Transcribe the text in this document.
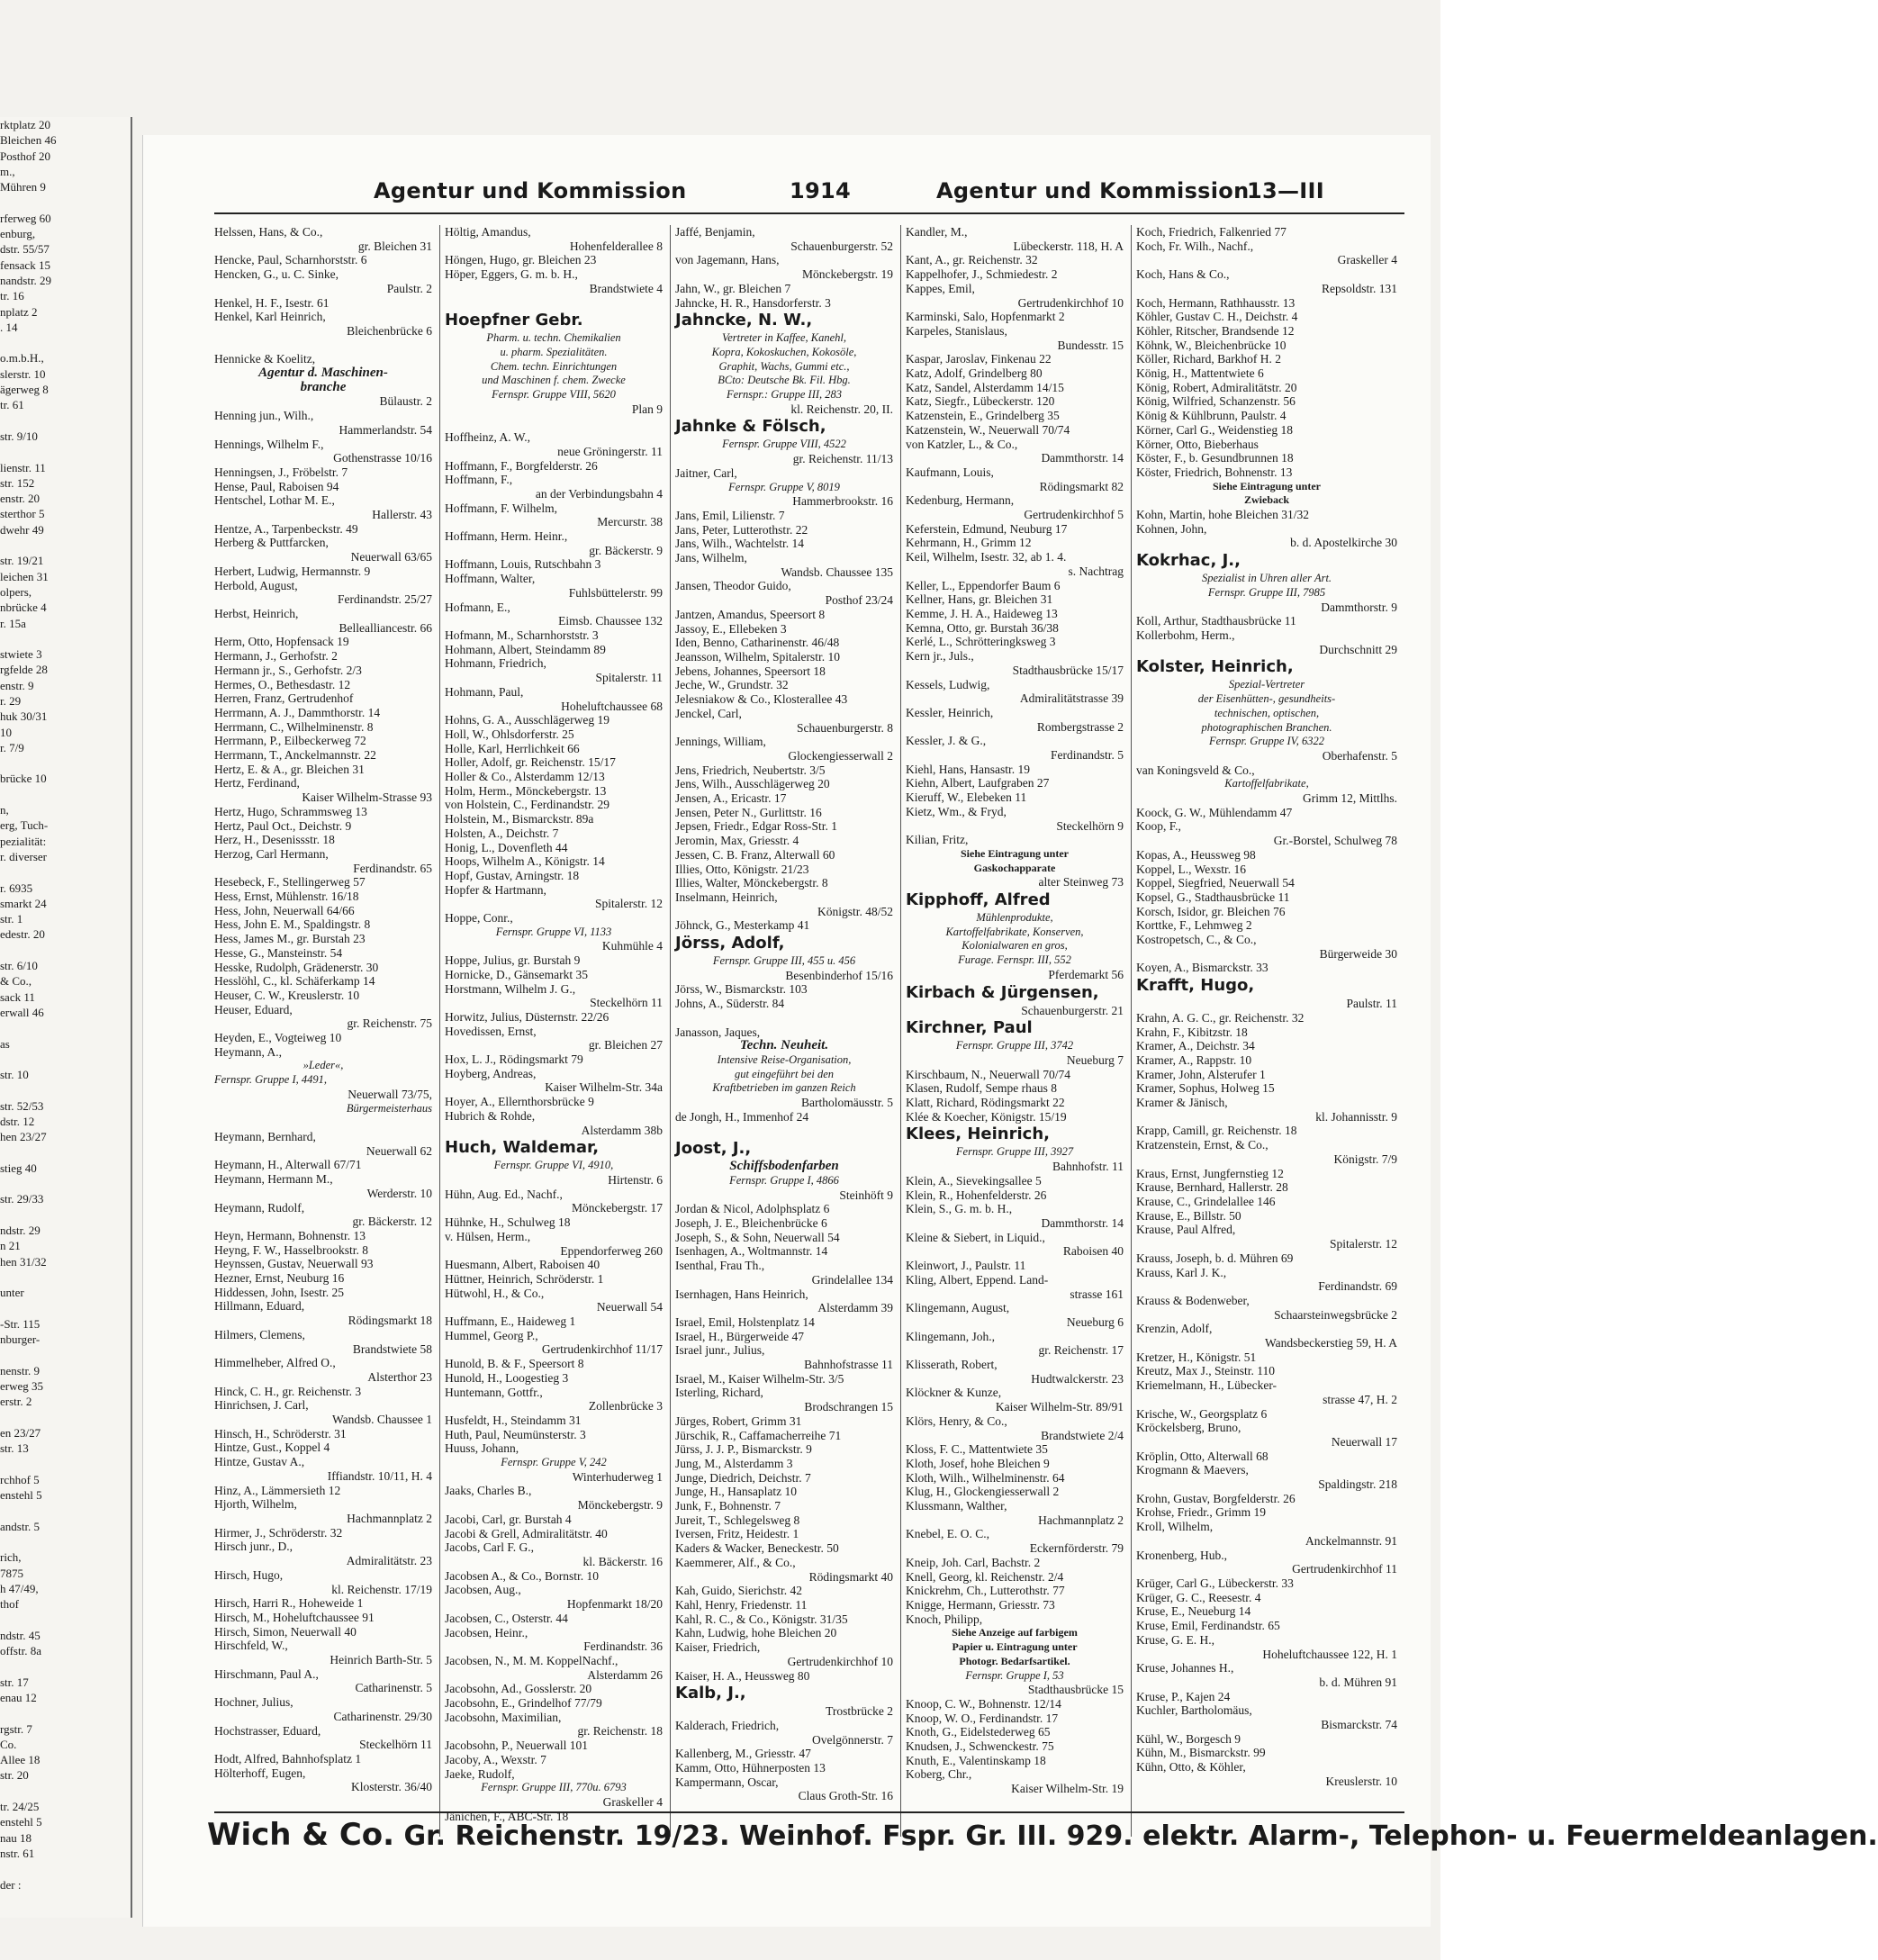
rktplatz 20
Bleichen 46
Posthof 20
m.,
Mühren 9

rferweg 60
enburg,
dstr. 55/57
fensack 15
nandstr. 29
tr. 16
nplatz 2
. 14

o.m.b.H.,
slerstr. 10
ägerweg 8
tr. 61

str. 9/10

lienstr. 11
str. 152
enstr. 20
sterthor 5
dwehr 49

str. 19/21
leichen 31
olpers,
nbrücke 4
r. 15a

stwiete 3
rgfelde 28
enstr. 9
r. 29
huk 30/31
10
r. 7/9

brücke 10

n,
erg, Tuch-
pezialität:
r. diverser

r. 6935
smarkt 24
str. 1
edestr. 20

str. 6/10
& Co.,
sack 11
erwall 46

as

str. 10

str. 52/53
dstr. 12
hen 23/27

stieg 40

str. 29/33

ndstr. 29
n 21
hen 31/32

unter

-Str. 115
nburger-

nenstr. 9
erweg 35
erstr. 2

en 23/27
str. 13

rchhof 5
enstehl 5

andstr. 5

rich,
7875
h 47/49,
thof

ndstr. 45
offstr. 8a

str. 17
enau 12

rgstr. 7
Co.
Allee 18
str. 20

tr. 24/25
enstehl 5
nau 18
nstr. 61

der :
Agentur und Kommission	1914	Agentur und Kommission
13—III
Helssen, Hans, & Co.,
gr. Bleichen 31
Hencke, Paul, Scharnhorststr. 6
Hencken, G., u. C. Sinke,
Paulstr. 2
Henkel, H. F., Isestr. 61
Henkel, Karl Heinrich,
Bleichenbrücke 6

Hennicke & Koelitz,
Agentur d. Maschinen-
branche
Bülaustr. 2
Henning jun., Wilh.,
Hammerlandstr. 54
Hennings, Wilhelm F.,
Gothenstrasse 10/16
Henningsen, J., Fröbelstr. 7
Hense, Paul, Raboisen 94
Hentschel, Lothar M. E.,
Hallerstr. 43
Hentze, A., Tarpenbeckstr. 49
Herberg & Puttfarcken,
Neuerwall 63/65
Herbert, Ludwig, Hermannstr. 9
Herbold, August,
Ferdinandstr. 25/27
Herbst, Heinrich,
Bellealliancestr. 66
Herm, Otto, Hopfensack 19
Hermann, J., Gerhofstr. 2
Hermann jr., S., Gerhofstr. 2/3
Hermes, O., Bethesdastr. 12
Herren, Franz, Gertrudenhof
Herrmann, A. J., Dammthorstr. 14
Herrmann, C., Wilhelminenstr. 8
Herrmann, P., Eilbeckerweg 72
Herrmann, T., Anckelmannstr. 22
Hertz, E. & A., gr. Bleichen 31
Hertz, Ferdinand,
Kaiser Wilhelm-Strasse 93
Hertz, Hugo, Schrammsweg 13
Hertz, Paul Oct., Deichstr. 9
Herz, H., Desenissstr. 18
Herzog, Carl Hermann,
Ferdinandstr. 65
Hesebeck, F., Stellingerweg 57
Hess, Ernst, Mühlenstr. 16/18
Hess, John, Neuerwall 64/66
Hess, John E. M., Spaldingstr. 8
Hess, James M., gr. Burstah 23
Hesse, G., Mansteinstr. 54
Hesske, Rudolph, Grädenerstr. 30
Hesslöhl, C., kl. Schäferkamp 14
Heuser, C. W., Kreuslerstr. 10
Heuser, Eduard,
gr. Reichenstr. 75
Heyden, E., Vogteiweg 10
Heymann, A.,
»Leder«,
Fernspr. Gruppe I, 4491,
Neuerwall 73/75,
Bürgermeisterhaus

Heymann, Bernhard,
Neuerwall 62
Heymann, H., Alterwall 67/71
Heymann, Hermann M.,
Werderstr. 10
Heymann, Rudolf,
gr. Bäckerstr. 12
Heyn, Hermann, Bohnenstr. 13
Heyng, F. W., Hasselbrookstr. 8
Heynssen, Gustav, Neuerwall 93
Hezner, Ernst, Neuburg 16
Hiddessen, John, Isestr. 25
Hillmann, Eduard,
Rödingsmarkt 18
Hilmers, Clemens,
Brandstwiete 58
Himmelheber, Alfred O.,
Alsterthor 23
Hinck, C. H., gr. Reichenstr. 3
Hinrichsen, J. Carl,
Wandsb. Chaussee 1
Hinsch, H., Schröderstr. 31
Hintze, Gust., Koppel 4
Hintze, Gustav A.,
Iffiandstr. 10/11, H. 4
Hinz, A., Lämmersieth 12
Hjorth, Wilhelm,
Hachmannplatz 2
Hirmer, J., Schröderstr. 32
Hirsch junr., D.,
Admiralitätstr. 23
Hirsch, Hugo,
kl. Reichenstr. 17/19
Hirsch, Harri R., Hoheweide 1
Hirsch, M., Hoheluftchaussee 91
Hirsch, Simon, Neuerwall 40
Hirschfeld, W.,
Heinrich Barth-Str. 5
Hirschmann, Paul A.,
Catharinenstr. 5
Hochner, Julius,
Catharinenstr. 29/30
Hochstrasser, Eduard,
Steckelhörn 11
Hodt, Alfred, Bahnhofsplatz 1
Hölterhoff, Eugen,
Klosterstr. 36/40
Höltig, Amandus,
Hohenfelderallee 8
Höngen, Hugo, gr. Bleichen 23
Höper, Eggers, G. m. b. H.,
Brandstwiete 4

Hoepfner Gebr.
Pharm. u. techn. Chemikalien
u. pharm. Spezialitäten.
Chem. techn. Einrichtungen
und Maschinen f. chem. Zwecke
Fernspr. Gruppe VIII, 5620
Plan 9

Hoffheinz, A. W.,
neue Gröningerstr. 11
Hoffmann, F., Borgfelderstr. 26
Hoffmann, F.,
an der Verbindungsbahn 4
Hoffmann, F. Wilhelm,
Mercurstr. 38
Hoffmann, Herm. Heinr.,
gr. Bäckerstr. 9
Hoffmann, Louis, Rutschbahn 3
Hoffmann, Walter,
Fuhlsbüttelerstr. 99
Hofmann, E.,
Eimsb. Chaussee 132
Hofmann, M., Scharnhorststr. 3
Hohmann, Albert, Steindamm 89
Hohmann, Friedrich,
Spitalerstr. 11
Hohmann, Paul,
Hoheluftchaussee 68
Hohns, G. A., Ausschlägerweg 19
Holl, W., Ohlsdorferstr. 25
Holle, Karl, Herrlichkeit 66
Holler, Adolf, gr. Reichenstr. 15/17
Holler & Co., Alsterdamm 12/13
Holm, Herm., Mönckebergstr. 13
von Holstein, C., Ferdinandstr. 29
Holstein, M., Bismarckstr. 89a
Holsten, A., Deichstr. 7
Honig, L., Dovenfleth 44
Hoops, Wilhelm A., Königstr. 14
Hopf, Gustav, Arningstr. 18
Hopfer & Hartmann,
Spitalerstr. 12
Hoppe, Conr.,
Fernspr. Gruppe VI, 1133
Kuhmühle 4
Hoppe, Julius, gr. Burstah 9
Hornicke, D., Gänsemarkt 35
Horstmann, Wilhelm J. G.,
Steckelhörn 11
Horwitz, Julius, Düsternstr. 22/26
Hovedissen, Ernst,
gr. Bleichen 27
Hox, L. J., Rödingsmarkt 79
Hoyberg, Andreas,
Kaiser Wilhelm-Str. 34a
Hoyer, A., Ellernthorsbrücke 9
Hubrich & Rohde,
Alsterdamm 38b
Huch, Waldemar,
Fernspr. Gruppe VI, 4910,
Hirtenstr. 6
Hühn, Aug. Ed., Nachf.,
Mönckebergstr. 17
Hühnke, H., Schulweg 18
v. Hülsen, Herm.,
Eppendorferweg 260
Huesmann, Albert, Raboisen 40
Hüttner, Heinrich, Schröderstr. 1
Hütwohl, H., & Co.,
Neuerwall 54
Huffmann, E., Haideweg 1
Hummel, Georg P.,
Gertrudenkirchhof 11/17
Hunold, B. & F., Speersort 8
Hunold, H., Loogestieg 3
Huntemann, Gottfr.,
Zollenbrücke 3
Husfeldt, H., Steindamm 31
Huth, Paul, Neumünsterstr. 3
Huuss, Johann,
Fernspr. Gruppe V, 242
Winterhuderweg 1
Jaaks, Charles B.,
Mönckebergstr. 9
Jacobi, Carl, gr. Burstah 4
Jacobi & Grell, Admiralitätstr. 40
Jacobs, Carl F. G.,
kl. Bäckerstr. 16
Jacobsen A., & Co., Bornstr. 10
Jacobsen, Aug.,
Hopfenmarkt 18/20
Jacobsen, C., Osterstr. 44
Jacobsen, Heinr.,
Ferdinandstr. 36
Jacobsen, N., M. M. KoppelNachf.,
Alsterdamm 26
Jacobsohn, Ad., Gosslerstr. 20
Jacobsohn, E., Grindelhof 77/79
Jacobsohn, Maximilian,
gr. Reichenstr. 18
Jacobsohn, P., Neuerwall 101
Jacoby, A., Wexstr. 7
Jaeke, Rudolf,
Fernspr. Gruppe III, 770u. 6793
Graskeller 4
Jänichen, F., ABC-Str. 18
Jaffé, Benjamin,
Schauenburgerstr. 52
von Jagemann, Hans,
Mönckebergstr. 19
Jahn, W., gr. Bleichen 7
Jahncke, H. R., Hansdorferstr. 3
Jahncke, N. W.,
Vertreter in Kaffee, Kanehl,
Kopra, Kokoskuchen, Kokosöle,
Graphit, Wachs, Gummi etc.,
BCto: Deutsche Bk. Fil. Hbg.
Fernspr.: Gruppe III, 283
kl. Reichenstr. 20, II.
Jahnke & Fölsch,
Fernspr. Gruppe VIII, 4522
gr. Reichenstr. 11/13
Jaitner, Carl,
Fernspr. Gruppe V, 8019
Hammerbrookstr. 16
Jans, Emil, Lilienstr. 7
Jans, Peter, Lutterothstr. 22
Jans, Wilh., Wachtelstr. 14
Jans, Wilhelm,
Wandsb. Chaussee 135
Jansen, Theodor Guido,
Posthof 23/24
Jantzen, Amandus, Speersort 8
Jassoy, E., Ellebeken 3
Iden, Benno, Catharinenstr. 46/48
Jeansson, Wilhelm, Spitalerstr. 10
Jebens, Johannes, Speersort 18
Jeche, W., Grundstr. 32
Jelesniakow & Co., Klosterallee 43
Jenckel, Carl,
Schauenburgerstr. 8
Jennings, William,
Glockengiesserwall 2
Jens, Friedrich, Neubertstr. 3/5
Jens, Wilh., Ausschlägerweg 20
Jensen, A., Ericastr. 17
Jensen, Peter N., Gurlittstr. 16
Jepsen, Friedr., Edgar Ross-Str. 1
Jeromin, Max, Griesstr. 4
Jessen, C. B. Franz, Alterwall 60
Illies, Otto, Königstr. 21/23
Illies, Walter, Mönckebergstr. 8
Inselmann, Heinrich,
Königstr. 48/52
Jöhnck, G., Mesterkamp 41
Jörss, Adolf,
Fernspr. Gruppe III, 455 u. 456
Besenbinderhof 15/16
Jörss, W., Bismarckstr. 103
Johns, A., Süderstr. 84

Janasson, Jaques,
Techn. Neuheit.
Intensive Reise-Organisation,
gut eingeführt bei den
Kraftbetrieben im ganzen Reich
Bartholomäusstr. 5
de Jongh, H., Immenhof 24

Joost, J.,
Schiffsbodenfarben
Fernspr. Gruppe I, 4866
Steinhöft 9
Jordan & Nicol, Adolphsplatz 6
Joseph, J. E., Bleichenbrücke 6
Joseph, S., & Sohn, Neuerwall 54
Isenhagen, A., Woltmannstr. 14
Isenthal, Frau Th.,
Grindelallee 134
Isernhagen, Hans Heinrich,
Alsterdamm 39
Israel, Emil, Holstenplatz 14
Israel, H., Bürgerweide 47
Israel junr., Julius,
Bahnhofstrasse 11
Israel, M., Kaiser Wilhelm-Str. 3/5
Isterling, Richard,
Brodschrangen 15
Jürges, Robert, Grimm 31
Jürschik, R., Caffamacherreihe 71
Jürss, J. J. P., Bismarckstr. 9
Jung, M., Alsterdamm 3
Junge, Diedrich, Deichstr. 7
Junge, H., Hansaplatz 10
Junk, F., Bohnenstr. 7
Jureit, T., Schlegelsweg 8
Iversen, Fritz, Heidestr. 1
Kaders & Wacker, Beneckestr. 50
Kaemmerer, Alf., & Co.,
Rödingsmarkt 40
Kah, Guido, Sierichstr. 42
Kahl, Henry, Friedenstr. 11
Kahl, R. C., & Co., Königstr. 31/35
Kahn, Ludwig, hohe Bleichen 20
Kaiser, Friedrich,
Gertrudenkirchhof 10
Kaiser, H. A., Heussweg 80
Kalb, J.,
Trostbrücke 2
Kalderach, Friedrich,
Ovelgönnerstr. 7
Kallenberg, M., Griesstr. 47
Kamm, Otto, Hühnerposten 13
Kampermann, Oscar,
Claus Groth-Str. 16
Kandler, M.,
Lübeckerstr. 118, H. A
Kant, A., gr. Reichenstr. 32
Kappelhofer, J., Schmiedestr. 2
Kappes, Emil,
Gertrudenkirchhof 10
Karminski, Salo, Hopfenmarkt 2
Karpeles, Stanislaus,
Bundesstr. 15
Kaspar, Jaroslav, Finkenau 22
Katz, Adolf, Grindelberg 80
Katz, Sandel, Alsterdamm 14/15
Katz, Siegfr., Lübeckerstr. 120
Katzenstein, E., Grindelberg 35
Katzenstein, W., Neuerwall 70/74
von Katzler, L., & Co.,
Dammthorstr. 14
Kaufmann, Louis,
Rödingsmarkt 82
Kedenburg, Hermann,
Gertrudenkirchhof 5
Keferstein, Edmund, Neuburg 17
Kehrmann, H., Grimm 12
Keil, Wilhelm, Isestr. 32, ab 1. 4.
s. Nachtrag
Keller, L., Eppendorfer Baum 6
Kellner, Hans, gr. Bleichen 31
Kemme, J. H. A., Haideweg 13
Kemna, Otto, gr. Burstah 36/38
Kerlé, L., Schrötteringksweg 3
Kern jr., Juls.,
Stadthausbrücke 15/17
Kessels, Ludwig,
Admiralitätstrasse 39
Kessler, Heinrich,
Rombergstrasse 2
Kessler, J. & G.,
Ferdinandstr. 5
Kiehl, Hans, Hansastr. 19
Kiehn, Albert, Laufgraben 27
Kieruff, W., Elebeken 11
Kietz, Wm., & Fryd,
Steckelhörn 9
Kilian, Fritz,
Siehe Eintragung unter
Gaskochapparate
alter Steinweg 73
Kipphoff, Alfred
Mühlenprodukte,
Kartoffelfabrikate, Konserven,
Kolonialwaren en gros,
Furage. Fernspr. III, 552
Pferdemarkt 56
Kirbach & Jürgensen,
Schauenburgerstr. 21
Kirchner, Paul
Fernspr. Gruppe III, 3742
Neueburg 7
Kirschbaum, N., Neuerwall 70/74
Klasen, Rudolf, Sempe rhaus 8
Klatt, Richard, Rödingsmarkt 22
Klée & Koecher, Königstr. 15/19
Klees, Heinrich,
Fernspr. Gruppe III, 3927
Bahnhofstr. 11
Klein, A., Sievekingsallee 5
Klein, R., Hohenfelderstr. 26
Klein, S., G. m. b. H.,
Dammthorstr. 14
Kleine & Siebert, in Liquid.,
Raboisen 40
Kleinwort, J., Paulstr. 11
Kling, Albert, Eppend. Land-
strasse 161
Klingemann, August,
Neueburg 6
Klingemann, Joh.,
gr. Reichenstr. 17
Klisserath, Robert,
Hudtwalckerstr. 23
Klöckner & Kunze,
Kaiser Wilhelm-Str. 89/91
Klörs, Henry, & Co.,
Brandstwiete 2/4
Kloss, F. C., Mattentwiete 35
Kloth, Josef, hohe Bleichen 9
Kloth, Wilh., Wilhelminenstr. 64
Klug, H., Glockengiesserwall 2
Klussmann, Walther,
Hachmannplatz 2
Knebel, E. O. C.,
Eckernförderstr. 79
Kneip, Joh. Carl, Bachstr. 2
Knell, Georg, kl. Reichenstr. 2/4
Knickrehm, Ch., Lutterothstr. 77
Knigge, Hermann, Griesstr. 73
Knoch, Philipp,
Siehe Anzeige auf farbigem
Papier u. Eintragung unter
Photogr. Bedarfsartikel.
Fernspr. Gruppe I, 53
Stadthausbrücke 15
Knoop, C. W., Bohnenstr. 12/14
Knoop, W. O., Ferdinandstr. 17
Knoth, G., Eidelstederweg 65
Knudsen, J., Schwenckestr. 75
Knuth, E., Valentinskamp 18
Koberg, Chr.,
Kaiser Wilhelm-Str. 19
Koch, Friedrich, Falkenried 77
Koch, Fr. Wilh., Nachf.,
Graskeller 4
Koch, Hans & Co.,
Repsoldstr. 131
Koch, Hermann, Rathhausstr. 13
Köhler, Gustav C. H., Deichstr. 4
Köhler, Ritscher, Brandsende 12
Köhnk, W., Bleichenbrücke 10
Köller, Richard, Barkhof H. 2
König, H., Mattentwiete 6
König, Robert, Admiralitätstr. 20
König, Wilfried, Schanzenstr. 56
König & Kühlbrunn, Paulstr. 4
Körner, Carl G., Weidenstieg 18
Körner, Otto, Bieberhaus
Köster, F., b. Gesundbrunnen 18
Köster, Friedrich, Bohnenstr. 13
Siehe Eintragung unter
Zwieback
Kohn, Martin, hohe Bleichen 31/32
Kohnen, John,
b. d. Apostelkirche 30
Kokrhac, J.,
Spezialist in Uhren aller Art.
Fernspr. Gruppe III, 7985
Dammthorstr. 9
Koll, Arthur, Stadthausbrücke 11
Kollerbohm, Herm.,
Durchschnitt 29
Kolster, Heinrich,
Spezial-Vertreter
der Eisenhütten-, gesundheits-
technischen, optischen,
photographischen Branchen.
Fernspr. Gruppe IV, 6322
Oberhafenstr. 5
van Koningsveld & Co.,
Kartoffelfabrikate,
Grimm 12, Mittlhs.
Koock, G. W., Mühlendamm 47
Koop, F.,
Gr.-Borstel, Schulweg 78
Kopas, A., Heussweg 98
Koppel, L., Wexstr. 16
Koppel, Siegfried, Neuerwall 54
Kopsel, G., Stadthausbrücke 11
Korsch, Isidor, gr. Bleichen 76
Korttke, F., Lehmweg 2
Kostropetsch, C., & Co.,
Bürgerweide 30
Koyen, A., Bismarckstr. 33
Krafft, Hugo,
Paulstr. 11
Krahn, A. G. C., gr. Reichenstr. 32
Krahn, F., Kibitzstr. 18
Kramer, A., Deichstr. 34
Kramer, A., Rappstr. 10
Kramer, John, Alsterufer 1
Kramer, Sophus, Holweg 15
Kramer & Jänisch,
kl. Johannisstr. 9
Krapp, Camill, gr. Reichenstr. 18
Kratzenstein, Ernst, & Co.,
Königstr. 7/9
Kraus, Ernst, Jungfernstieg 12
Krause, Bernhard, Hallerstr. 28
Krause, C., Grindelallee 146
Krause, E., Billstr. 50
Krause, Paul Alfred,
Spitalerstr. 12
Krauss, Joseph, b. d. Mühren 69
Krauss, Karl J. K.,
Ferdinandstr. 69
Krauss & Bodenweber,
Schaarsteinwegsbrücke 2
Krenzin, Adolf,
Wandsbeckerstieg 59, H. A
Kretzer, H., Königstr. 51
Kreutz, Max J., Steinstr. 110
Kriemelmann, H., Lübecker-
strasse 47, H. 2
Krische, W., Georgsplatz 6
Kröckelsberg, Bruno,
Neuerwall 17
Kröplin, Otto, Alterwall 68
Krogmann & Maevers,
Spaldingstr. 218
Krohn, Gustav, Borgfelderstr. 26
Krohse, Friedr., Grimm 19
Kroll, Wilhelm,
Anckelmannstr. 91
Kronenberg, Hub.,
Gertrudenkirchhof 11
Krüger, Carl G., Lübeckerstr. 33
Krüger, G. C., Reesestr. 4
Kruse, E., Neueburg 14
Kruse, Emil, Ferdinandstr. 65
Kruse, G. E. H.,
Hoheluftchaussee 122, H. 1
Kruse, Johannes H.,
b. d. Mühren 91
Kruse, P., Kajen 24
Kuchler, Bartholomäus,
Bismarckstr. 74
Kühl, W., Borgesch 9
Kühn, M., Bismarckstr. 99
Kühn, Otto, & Köhler,
Kreuslerstr. 10
Wich & Co. Gr. Reichenstr. 19/23. Weinhof. Fspr. Gr. III. 929. elektr. Alarm-, Telephon- u. Feuermeldeanlagen.
